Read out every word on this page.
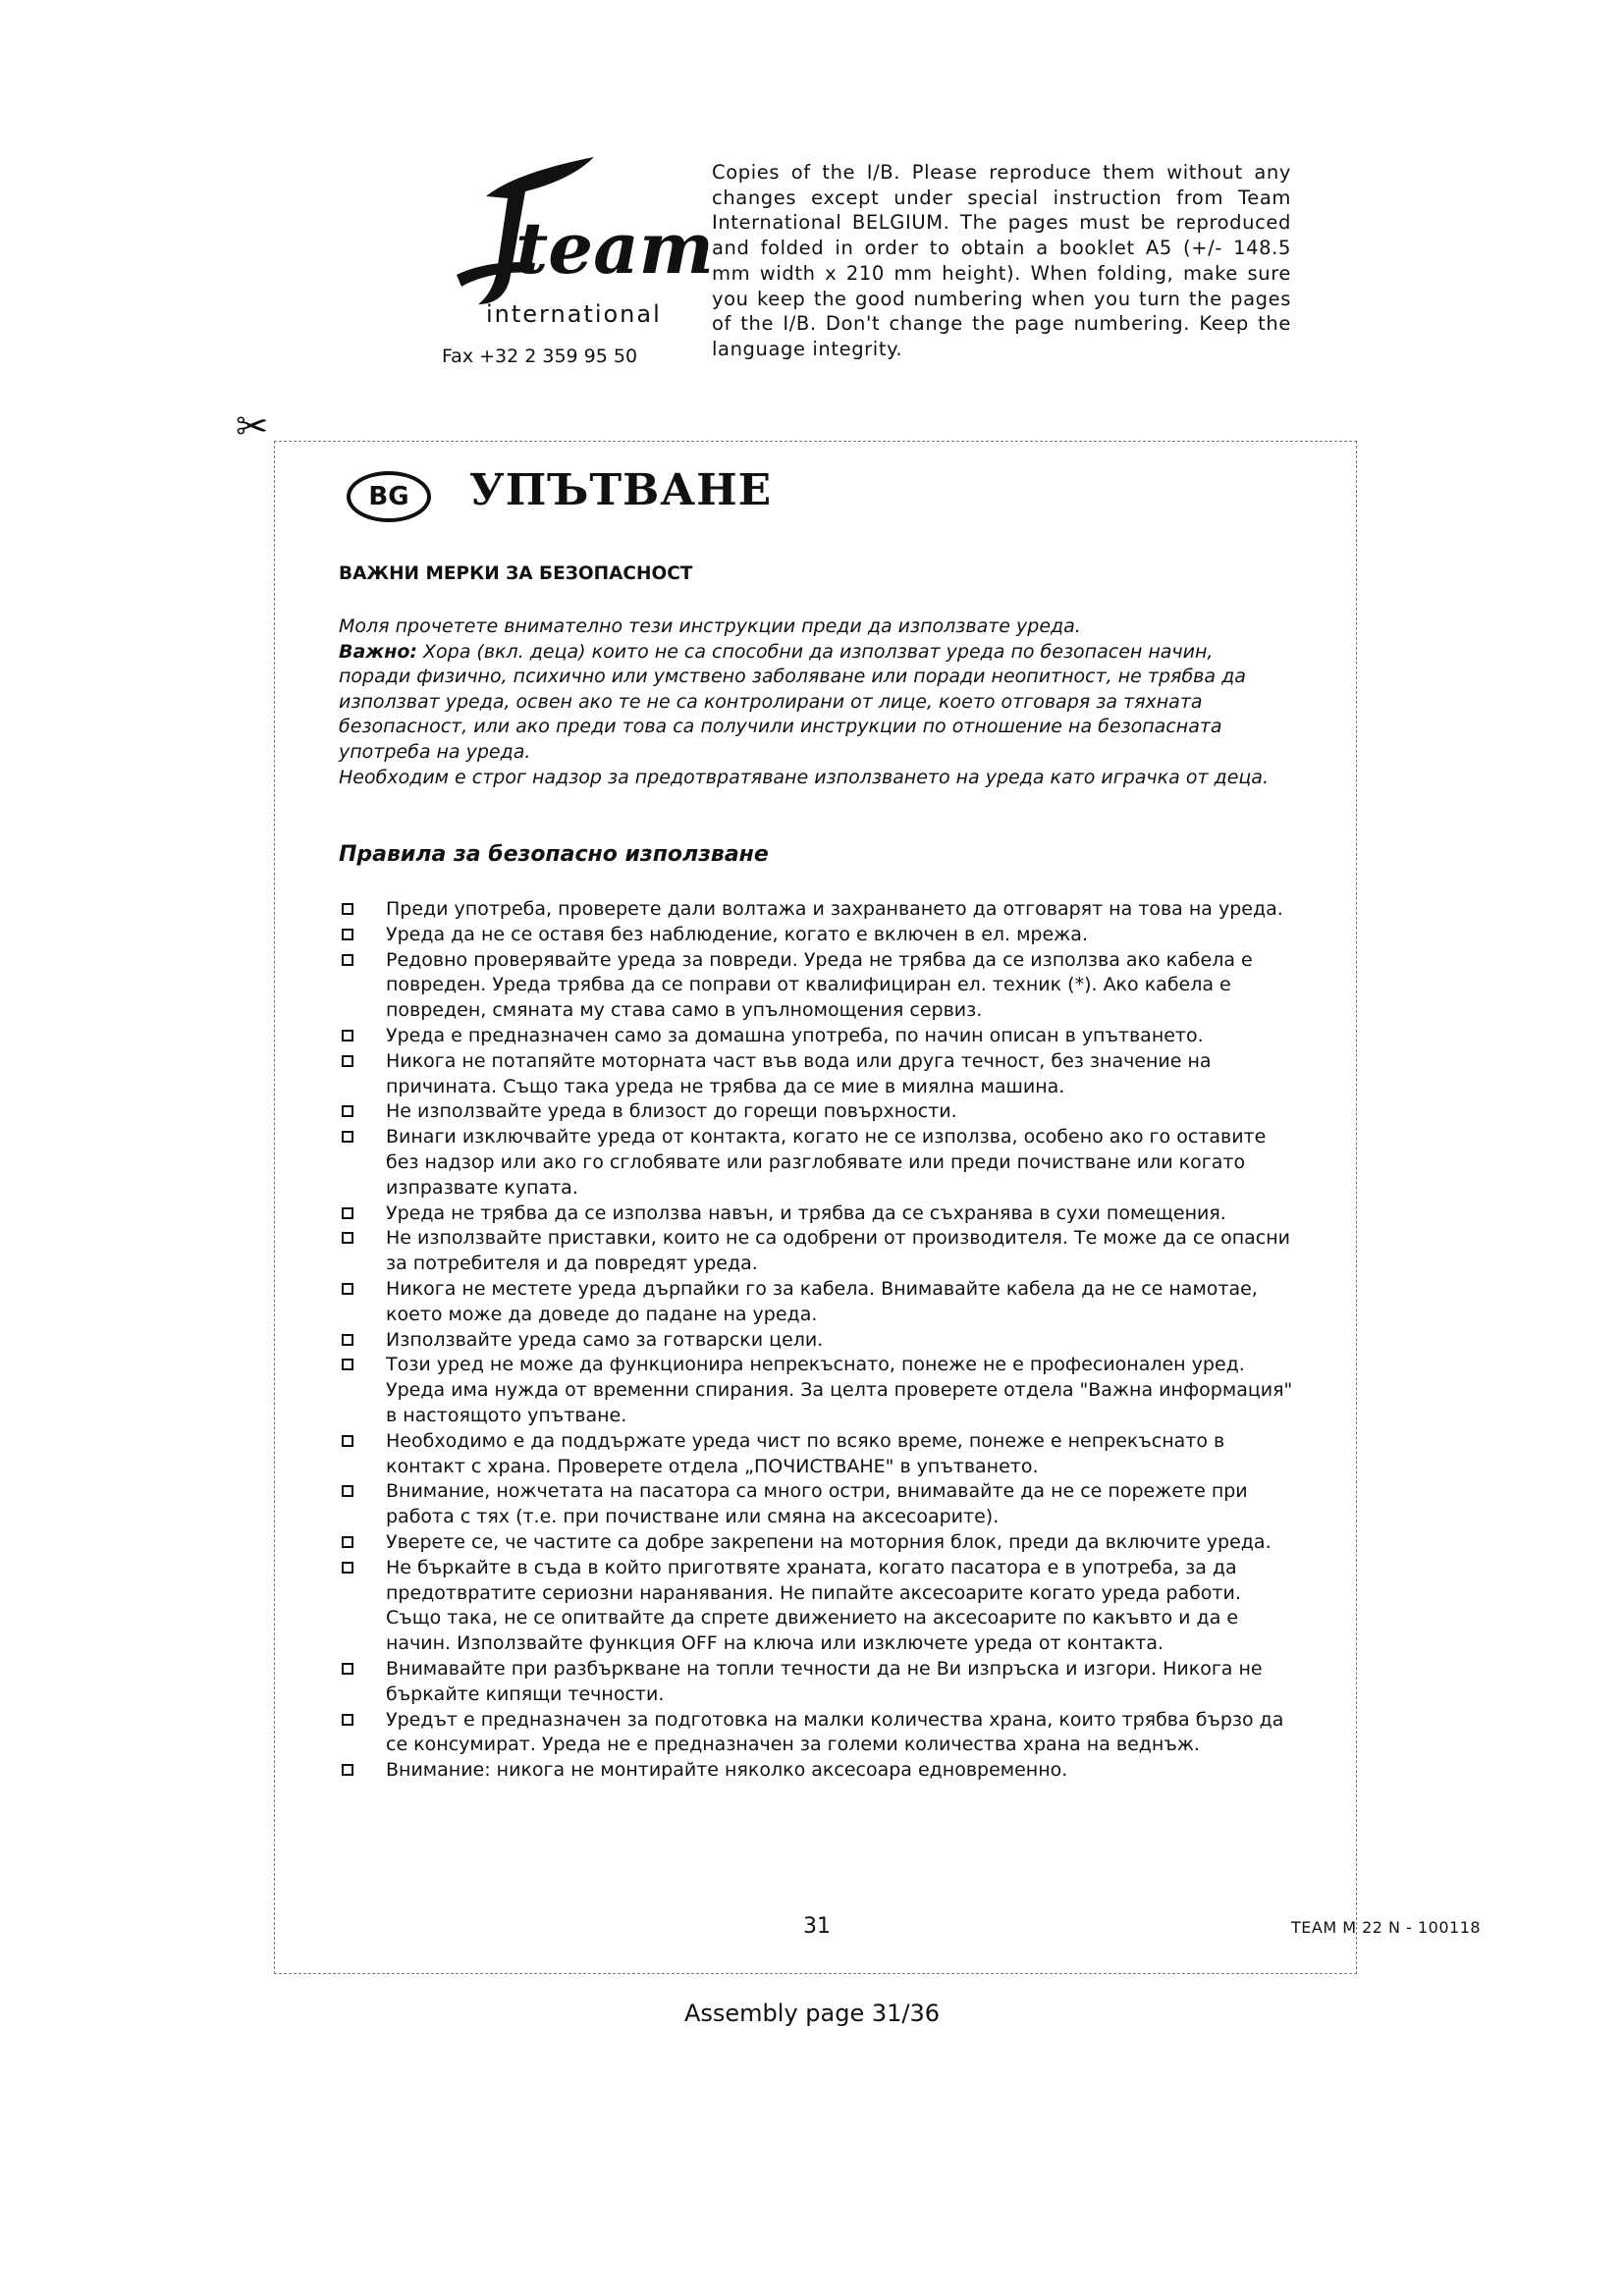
team
international
Fax +32 2 359 95 50
Copies of the I/B. Please reproduce them without any changes except under special instruction from Team International BELGIUM. The pages must be reproduced and folded in order to obtain a booklet A5 (+/- 148.5 mm width x 210 mm height). When folding, make sure you keep the good numbering when you turn the pages of the I/B. Don't change the page numbering. Keep the language integrity.
✂
BG	УПЪТВАНЕ
ВАЖНИ МЕРКИ ЗА БЕЗОПАСНОСТ
Моля прочетете внимателно тези инструкции преди да използвате уреда.
Важно: Хора (вкл. деца) които не са способни да използват уреда по безопасен начин, поради физично, психично или умствено заболяване или поради неопитност, не трябва да използват уреда, освен ако те не са контролирани от лице, което отговаря за тяхната безопасност, или ако преди това са получили инструкции по отношение на безопасната употреба на уреда.
Необходим е строг надзор за предотвратяване използването на уреда като играчка от деца.
Правила за безопасно използване
Преди употреба, проверете дали волтажа и захранването да отговарят на това на уреда.
Уреда да не се оставя без наблюдение, когато е включен в ел. мрежа.
Редовно проверявайте уреда за повреди. Уреда не трябва да се използва ако кабела е повреден. Уреда трябва да се поправи от квалифициран ел. техник (*). Ако кабела е повреден, смяната му става само в упълномощения сервиз.
Уреда е предназначен само за домашна употреба, по начин описан в упътването.
Никога не потапяйте моторната част във вода или друга течност, без значение на причината. Също така уреда не трябва да се мие в миялна машина.
Не използвайте уреда в близост до горещи повърхности.
Винаги изключвайте уреда от контакта, когато не се използва, особено ако го оставите без надзор или ако го сглобявате или разглобявате или преди почистване или когато изпразвате купата.
Уреда не трябва да се използва навън, и трябва да се съхранява в сухи помещения.
Не използвайте приставки, които не са одобрени от производителя. Те може да се опасни за потребителя и да повредят уреда.
Никога не местете уреда дърпайки го за кабела. Внимавайте кабела да не се намотае, което може да доведе до падане на уреда.
Използвайте уреда само за готварски цели.
Този уред не може да функционира непрекъснато, понеже не е професионален уред. Уреда има нужда от временни спирания. За целта проверете отдела "Важна информация" в настоящото упътване.
Необходимо е да поддържате уреда чист по всяко време, понеже е непрекъснато в контакт с храна. Проверете отдела „ПОЧИСТВАНЕ" в упътването.
Внимание, ножчетата на пасатора са много остри, внимавайте да не се порежете при работа с тях (т.е. при почистване или смяна на аксесоарите).
Уверете се, че частите са добре закрепени на моторния блок, преди да включите уреда.
Не бъркайте в съда в който приготвяте храната, когато пасатора е в употреба, за да предотвратите сериозни наранявания. Не пипайте аксесоарите когато уреда работи. Също така, не се опитвайте да спрете движението на аксесоарите по какъвто и да е начин. Използвайте функция OFF на ключа или изключете уреда от контакта.
Внимавайте при разбъркване на топли течности да не Ви изпръска и изгори. Никога не бъркайте кипящи течности.
Уредът е предназначен за подготовка на малки количества храна, които трябва бързо да се консумират. Уреда не е предназначен за големи количества храна на веднъж.
Внимание: никога не монтирайте няколко аксесоара едновременно.
31	TEAM M 22 N - 100118
Assembly page 31/36
